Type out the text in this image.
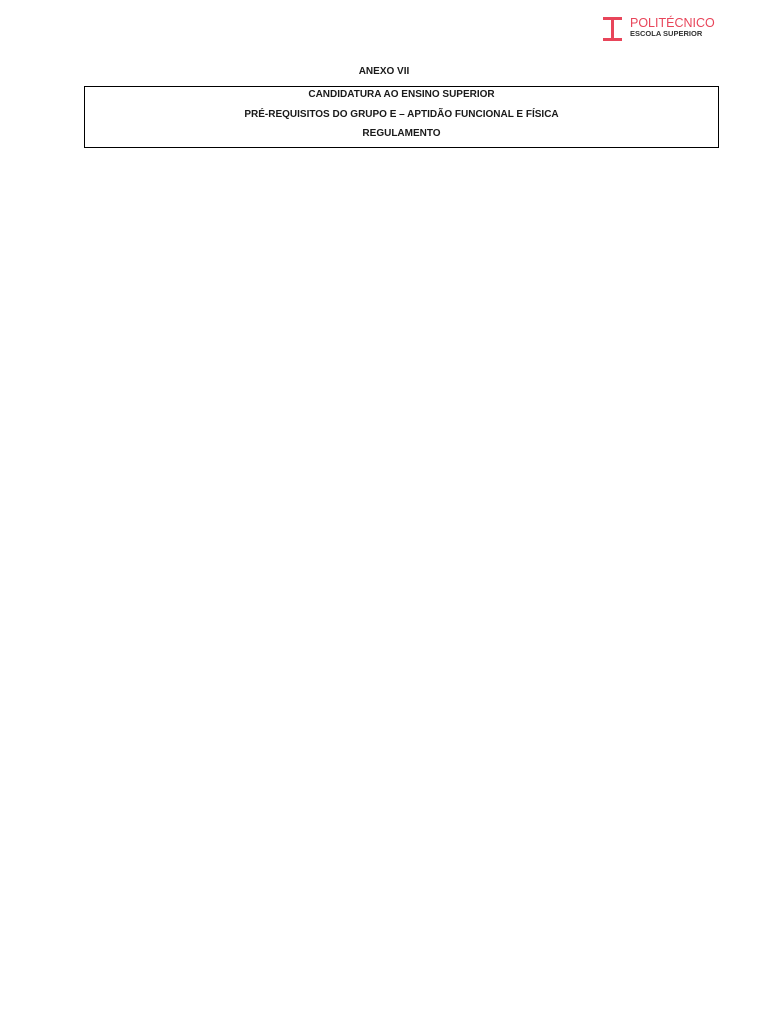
POLITÉCNICO
ESCOLA SUPERIOR
ANEXO VII
CANDIDATURA AO ENSINO SUPERIOR
PRÉ-REQUISITOS DO GRUPO E – APTIDÃO FUNCIONAL E FÍSICA
REGULAMENTO
